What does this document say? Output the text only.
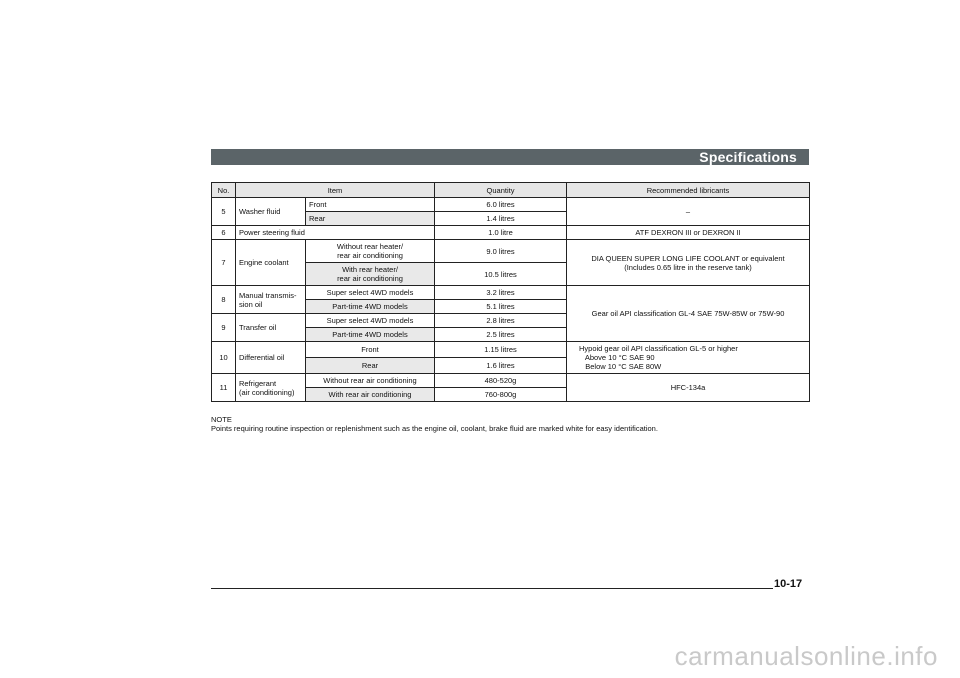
Specifications
No.	Item		Quantity	Recommended libricants
5	Washer fluid	Front	6.0 litres	–
		Rear	1.4 litres	
6	Power steering fluid		1.0 litre	ATF DEXRON III or DEXRON II
7	Engine coolant	Without rear heater/
rear air conditioning	9.0 litres	DIA QUEEN SUPER LONG LIFE COOLANT or equivalent
(Includes 0.65 litre in the reserve tank)
		With rear heater/
rear air conditioning	10.5 litres	
8	Manual transmis-
sion oil	Super select 4WD models	3.2 litres	Gear oil API classification GL-4 SAE 75W-85W or 75W-90
		Part-time 4WD models	5.1 litres	
9	Transfer oil	Super select 4WD models	2.8 litres	
		Part-time 4WD models	2.5 litres	
10	Differential oil	Front	1.15 litres	Hypoid gear oil API classification GL-5 or higher
Above 10 °C SAE 90
Below 10 °C SAE 80W
		Rear	1.6 litres	
11	Refrigerant
(air conditioning)	Without rear air conditioning	480-520g	HFC-134a
		With rear air conditioning	760-800g	
NOTE
Points requiring routine inspection or replenishment such as the engine oil, coolant, brake fluid are marked white for easy identification.
10-17
carmanualsonline.info
